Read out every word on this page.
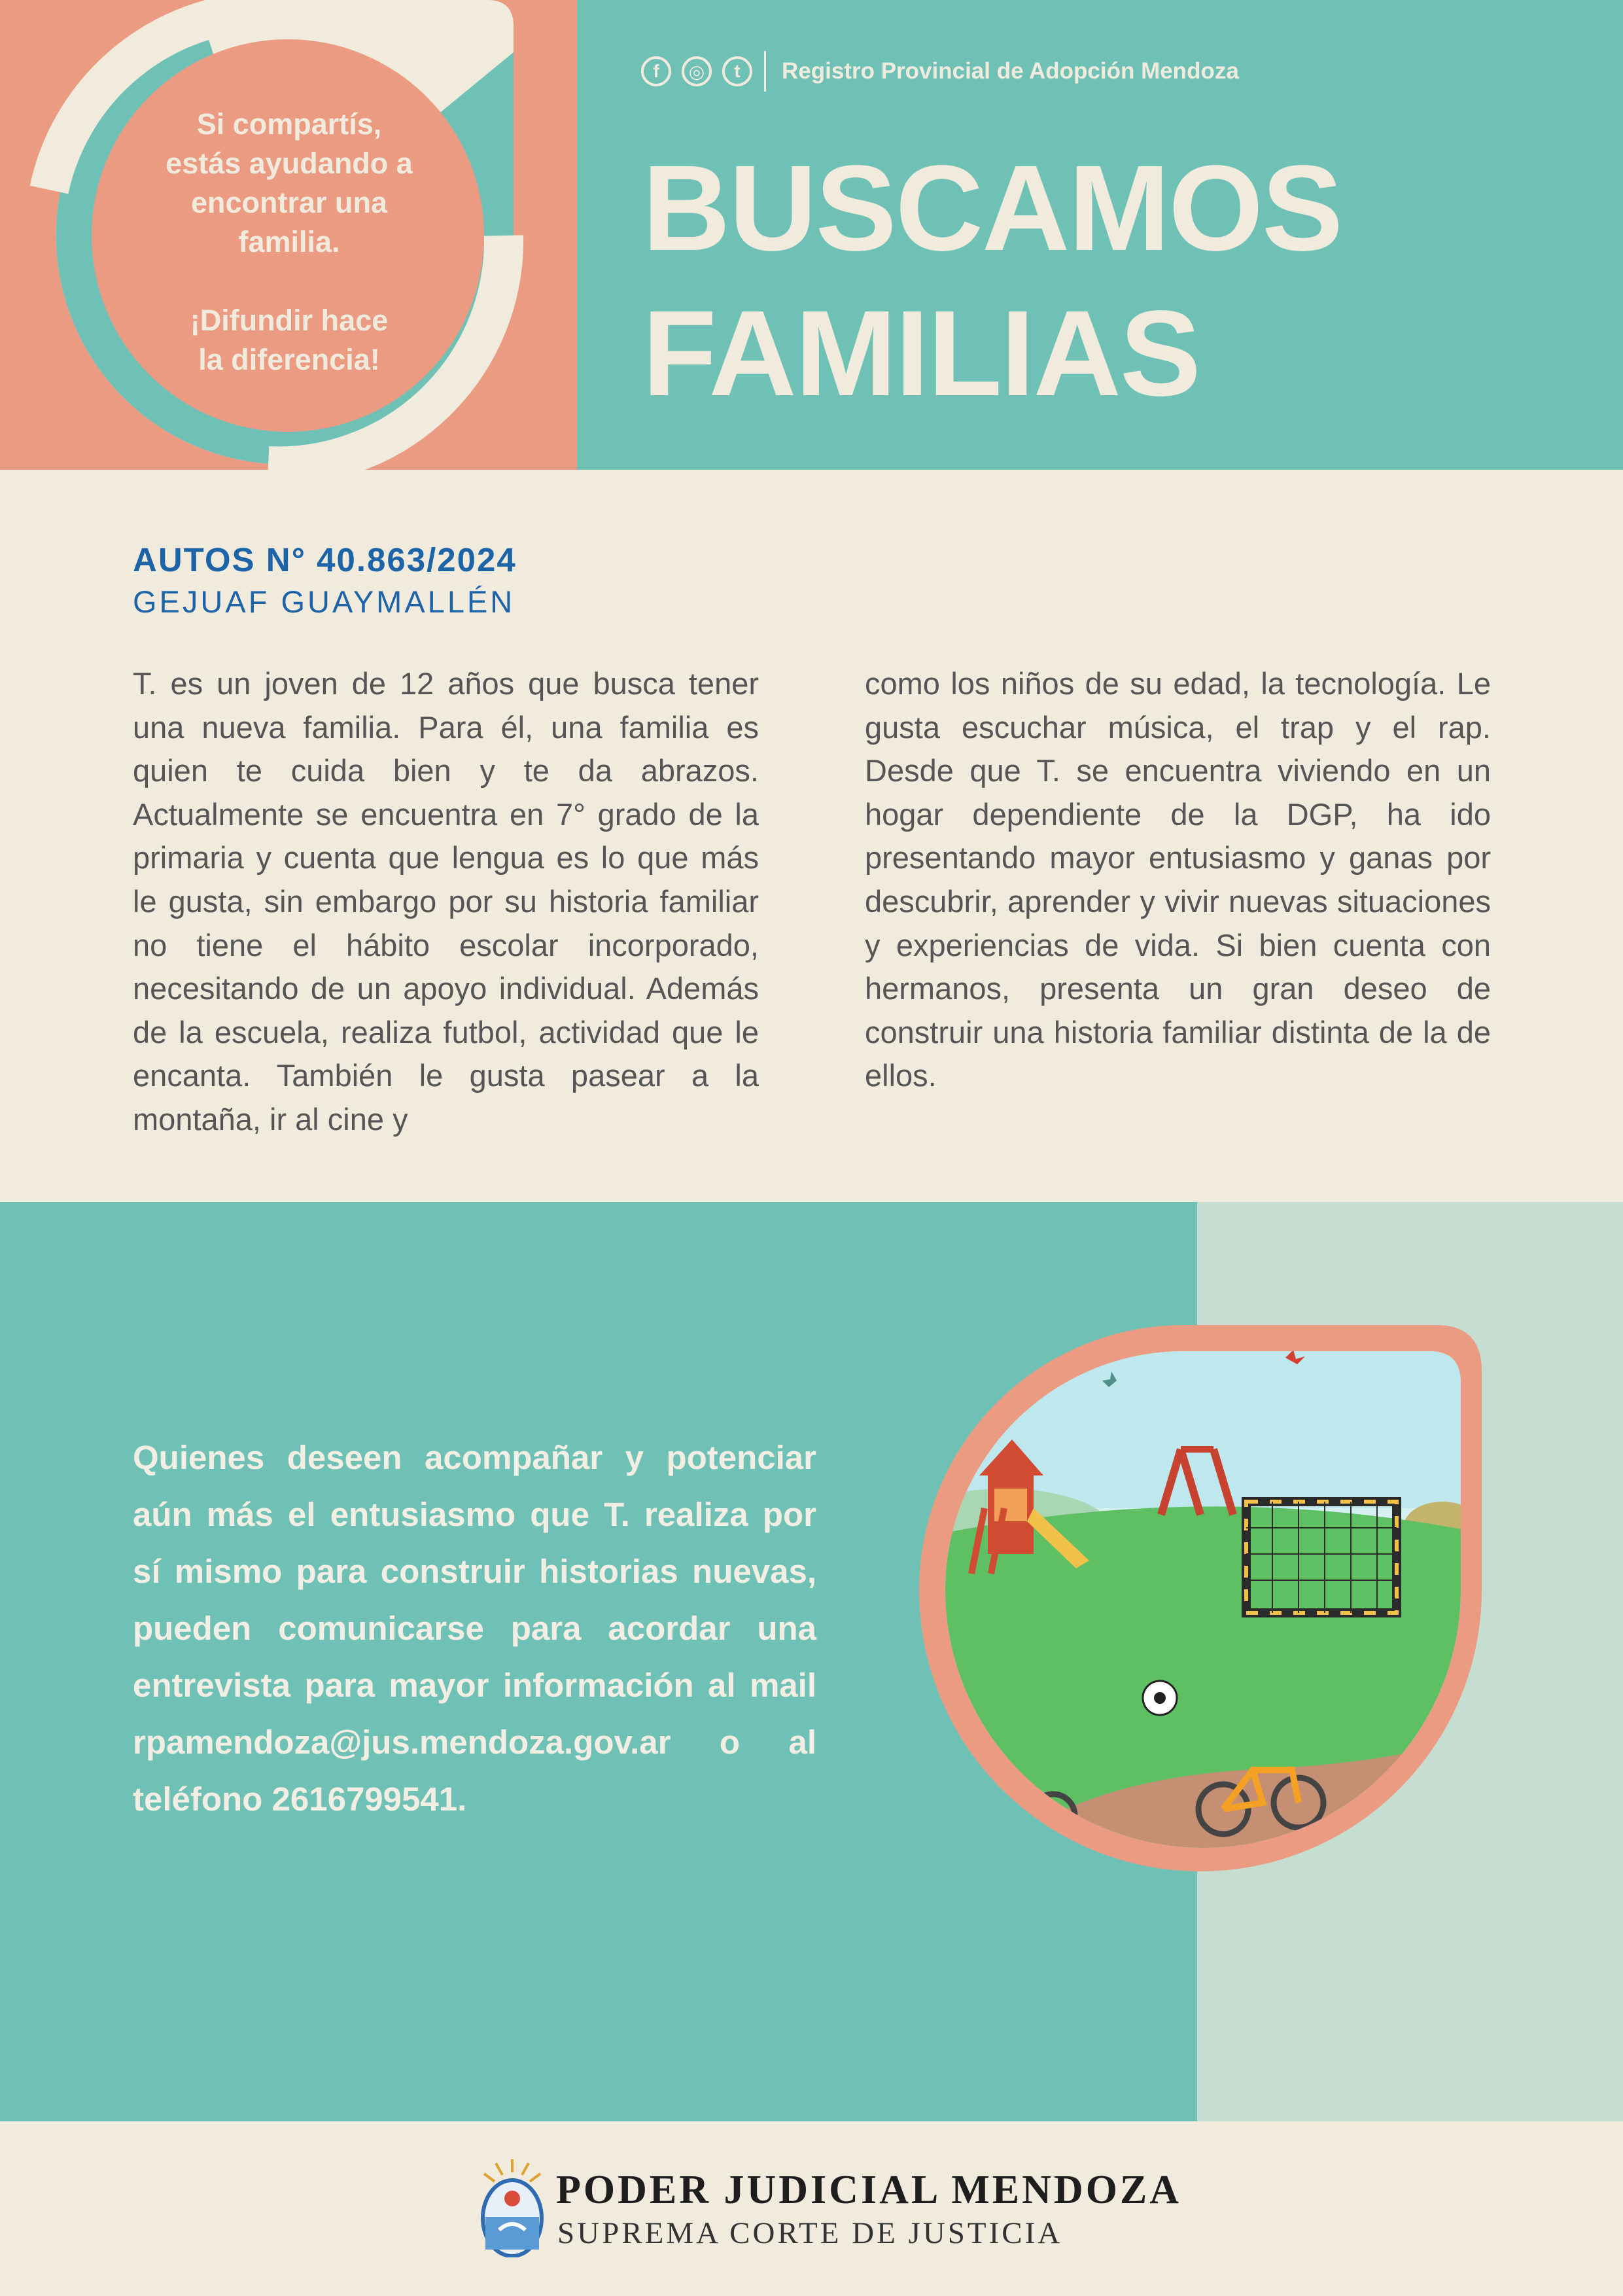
Si compartís,

estás ayudando a

encontrar una

familia.

¡Difundir hace

la diferencia!

f	◎	t	Registro Provincial de Adopción Mendoza
BUSCAMOS
FAMILIAS
AUTOS N° 40.863/2024
GEJUAF GUAYMALLÉN
T. es un joven de 12 años que busca tener una nueva familia. Para él, una familia es quien te cuida bien y te da abrazos. Actualmente se encuentra en 7° grado de la primaria y cuenta que lengua es lo que más le gusta, sin embargo por su historia familiar no tiene el hábito escolar incorporado, necesitando de un apoyo individual. Además de la escuela, realiza futbol, actividad que le encanta. También le gusta pasear a la montaña, ir al cine y
como los niños de su edad, la tecnología. Le gusta escuchar música, el trap y el rap. Desde que T. se encuentra viviendo en un hogar dependiente de la DGP, ha ido presentando mayor entusiasmo y ganas por descubrir, aprender y vivir nuevas situaciones y experiencias de vida. Si bien cuenta con hermanos, presenta un gran deseo de construir una historia familiar distinta de la de ellos.
Quienes deseen acompañar y potenciar aún más el entusiasmo que T. realiza por sí mismo para construir historias nuevas, pueden comunicarse para acordar una entrevista para mayor información al mail rpamendoza@jus.mendoza.gov.ar o al teléfono 2616799541.
PODER JUDICIAL MENDOZA
SUPREMA CORTE DE JUSTICIA
